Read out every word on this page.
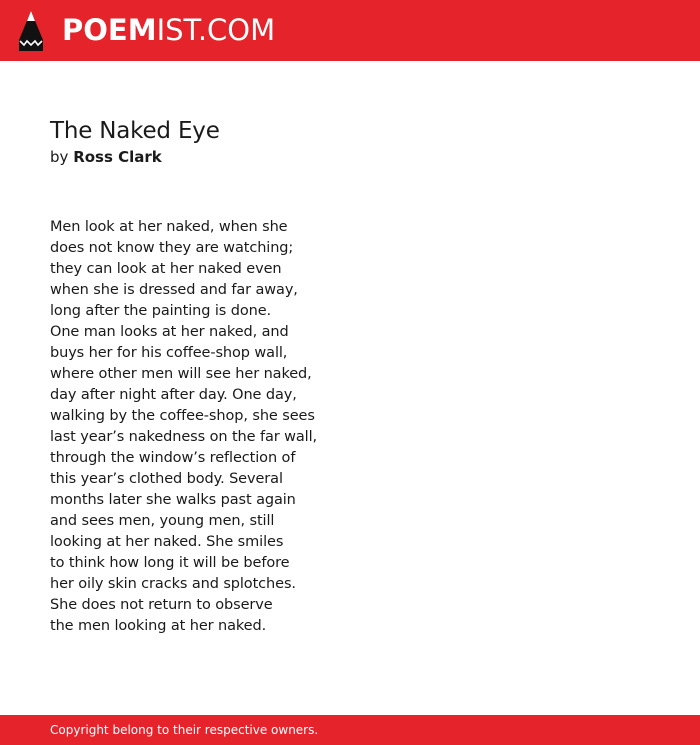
POEMIST.COM
The Naked Eye
by Ross Clark
Men look at her naked, when she
does not know they are watching;
they can look at her naked even
when she is dressed and far away,
long after the painting is done.
One man looks at her naked, and
buys her for his coffee-shop wall,
where other men will see her naked,
day after night after day. One day,
walking by the coffee-shop, she sees
last year’s nakedness on the far wall,
through the window’s reflection of
this year’s clothed body. Several
months later she walks past again
and sees men, young men, still
looking at her naked. She smiles
to think how long it will be before
her oily skin cracks and splotches.
She does not return to observe
the men looking at her naked.
Copyright belong to their respective owners.
